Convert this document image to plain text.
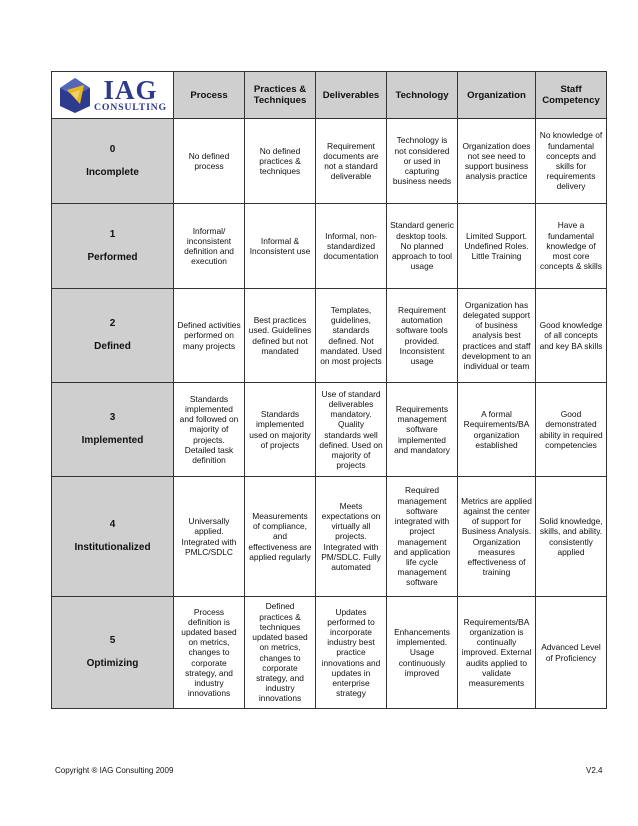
IAG
CONSULTING	Process	Practices & Techniques	Deliverables	Technology	Organization	Staff Competency

0
Incomplete	No defined process	No defined practices & techniques	Requirement documents are not a standard deliverable	Technology is not considered or used in capturing business needs	Organization does not see need to support business analysis practice	No knowledge of fundamental concepts and skills for requirements delivery

1
Performed	Informal/ inconsistent definition and execution	Informal & Inconsistent use	Informal, non-standardized documentation	Standard generic desktop tools. No planned approach to tool usage	Limited Support. Undefined Roles. Little Training	Have a fundamental knowledge of most core concepts & skills

2
Defined	Defined activities performed on many projects	Best practices used. Guidelines defined but not mandated	Templates, guidelines, standards defined. Not mandated. Used on most projects	Requirement automation software tools provided. Inconsistent usage	Organization has delegated support of business analysis best practices and staff development to an individual or team	Good knowledge of all concepts and key BA skills

3
Implemented	Standards implemented and followed on majority of projects. Detailed task definition	Standards implemented used on majority of projects	Use of standard deliverables mandatory. Quality standards well defined. Used on majority of projects	Requirements management software implemented and mandatory	A formal Requirements/BA organization established	Good demonstrated ability in required competencies

4
Institutionalized	Universally applied. Integrated with PMLC/SDLC	Measurements of compliance, and effectiveness are applied regularly	Meets expectations on virtually all projects. Integrated with PM/SDLC. Fully automated	Required management software integrated with project management and application life cycle management software	Metrics are applied against the center of support for Business Analysis. Organization measures effectiveness of training	Solid knowledge, skills, and ability. consistently applied

5
Optimizing	Process definition is updated based on metrics, changes to corporate strategy, and industry innovations	Defined practices & techniques updated based on metrics, changes to corporate strategy, and industry innovations	Updates performed to incorporate industry best practice innovations and updates in enterprise strategy	Enhancements implemented. Usage continuously improved	Requirements/BA organization is continually improved. External audits applied to validate measurements	Advanced Level of Proficiency
Copyright ® IAG Consulting 2009	V2.4
